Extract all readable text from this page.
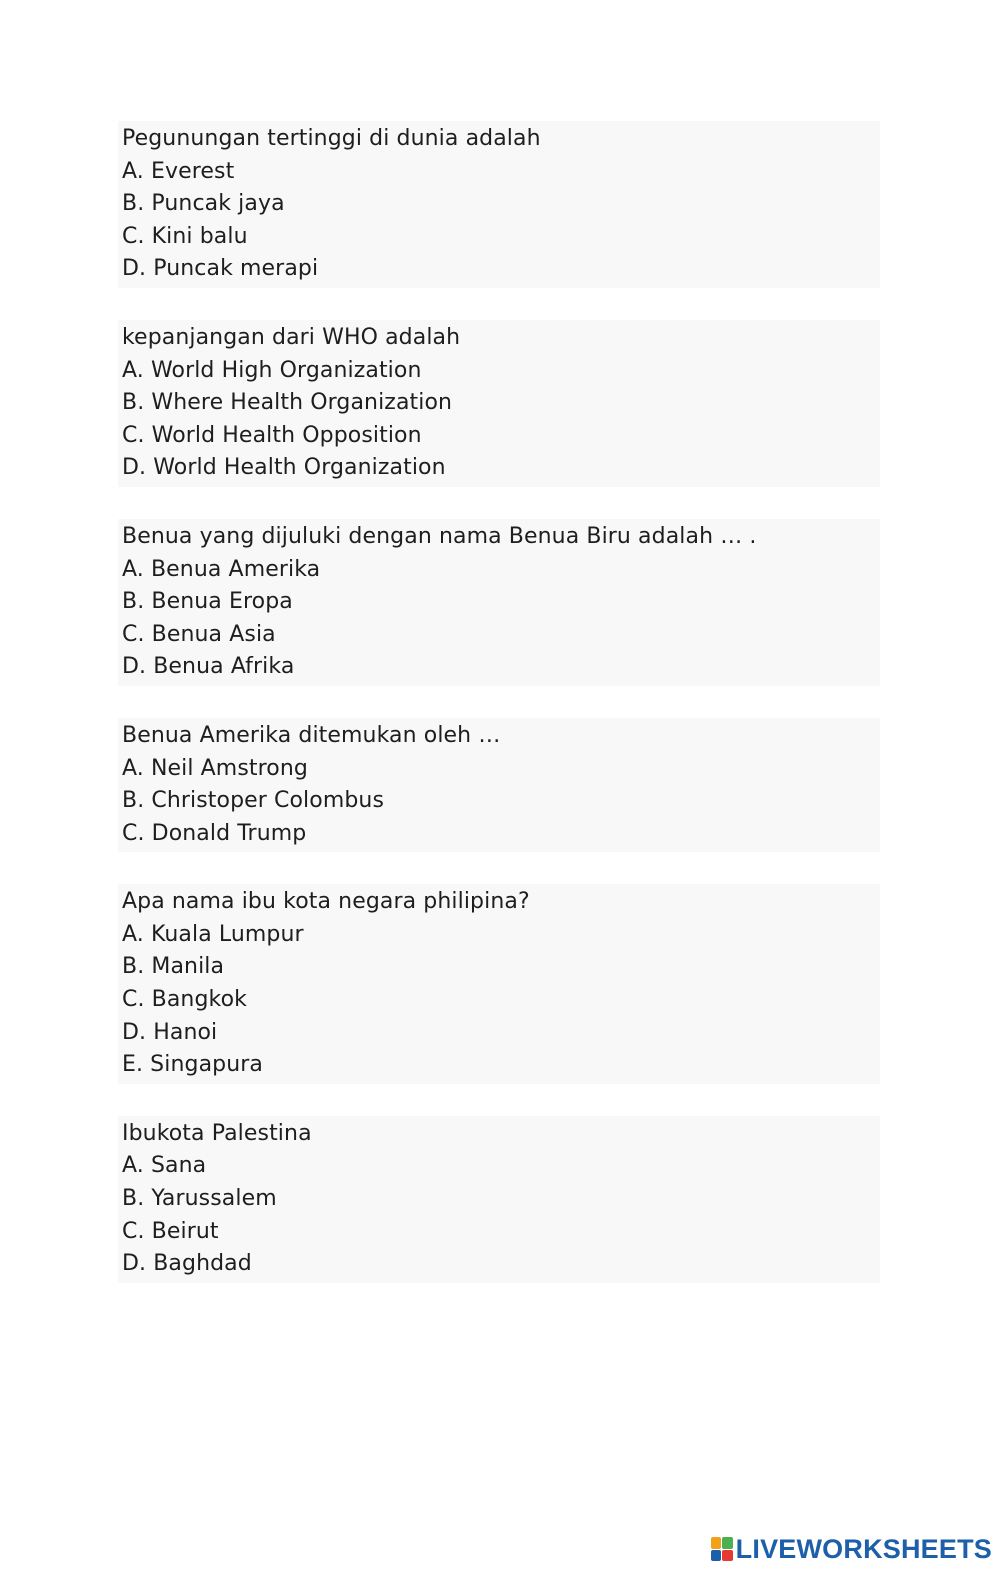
Pegunungan tertinggi di dunia adalah
A. Everest
B. Puncak jaya
C. Kini balu
D. Puncak merapi
kepanjangan dari WHO adalah
A. World High Organization
B. Where Health Organization
C. World Health Opposition
D. World Health Organization
Benua yang dijuluki dengan nama Benua Biru adalah … .
A. Benua Amerika
B. Benua Eropa
C. Benua Asia
D. Benua Afrika
Benua Amerika ditemukan oleh …
A. Neil Amstrong
B. Christoper Colombus
C. Donald Trump
Apa nama ibu kota negara philipina?
A. Kuala Lumpur
B. Manila
C. Bangkok
D. Hanoi
E. Singapura
Ibukota Palestina
A. Sana
B. Yarussalem
C. Beirut
D. Baghdad
LIVEWORKSHEETS
